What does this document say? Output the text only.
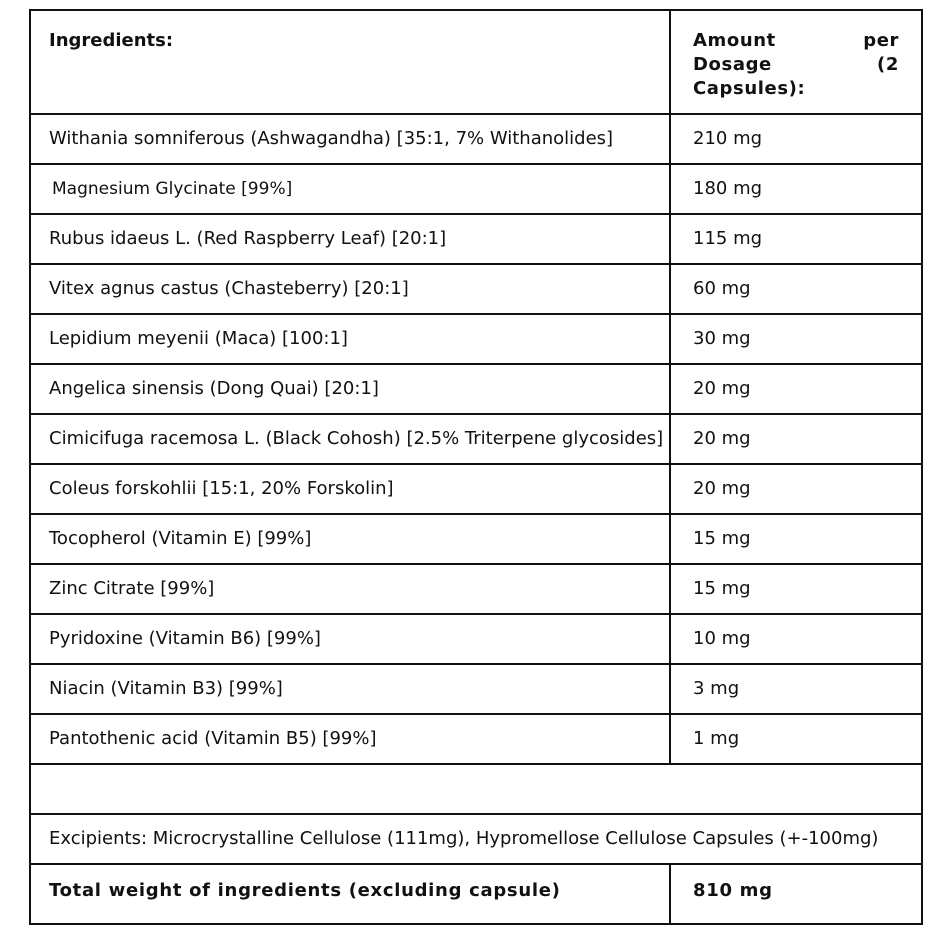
Ingredients:	Amount per Dosage (2 Capsules):
Withania somniferous (Ashwagandha) [35:1, 7% Withanolides]	210 mg
Magnesium Glycinate [99%]	180 mg
Rubus idaeus L. (Red Raspberry Leaf) [20:1]	115 mg
Vitex agnus castus (Chasteberry) [20:1]	60 mg
Lepidium meyenii (Maca) [100:1]	30 mg
Angelica sinensis (Dong Quai) [20:1]	20 mg
Cimicifuga racemosa L. (Black Cohosh) [2.5% Triterpene glycosides]	20 mg
Coleus forskohlii [15:1, 20% Forskolin]	20 mg
Tocopherol (Vitamin E) [99%]	15 mg
Zinc Citrate [99%]	15 mg
Pyridoxine (Vitamin B6) [99%]	10 mg
Niacin (Vitamin B3) [99%]	3 mg
Pantothenic acid (Vitamin B5) [99%]	1 mg

Excipients: Microcrystalline Cellulose (111mg), Hypromellose Cellulose Capsules (+-100mg)	
Total weight of ingredients (excluding capsule)	810 mg
